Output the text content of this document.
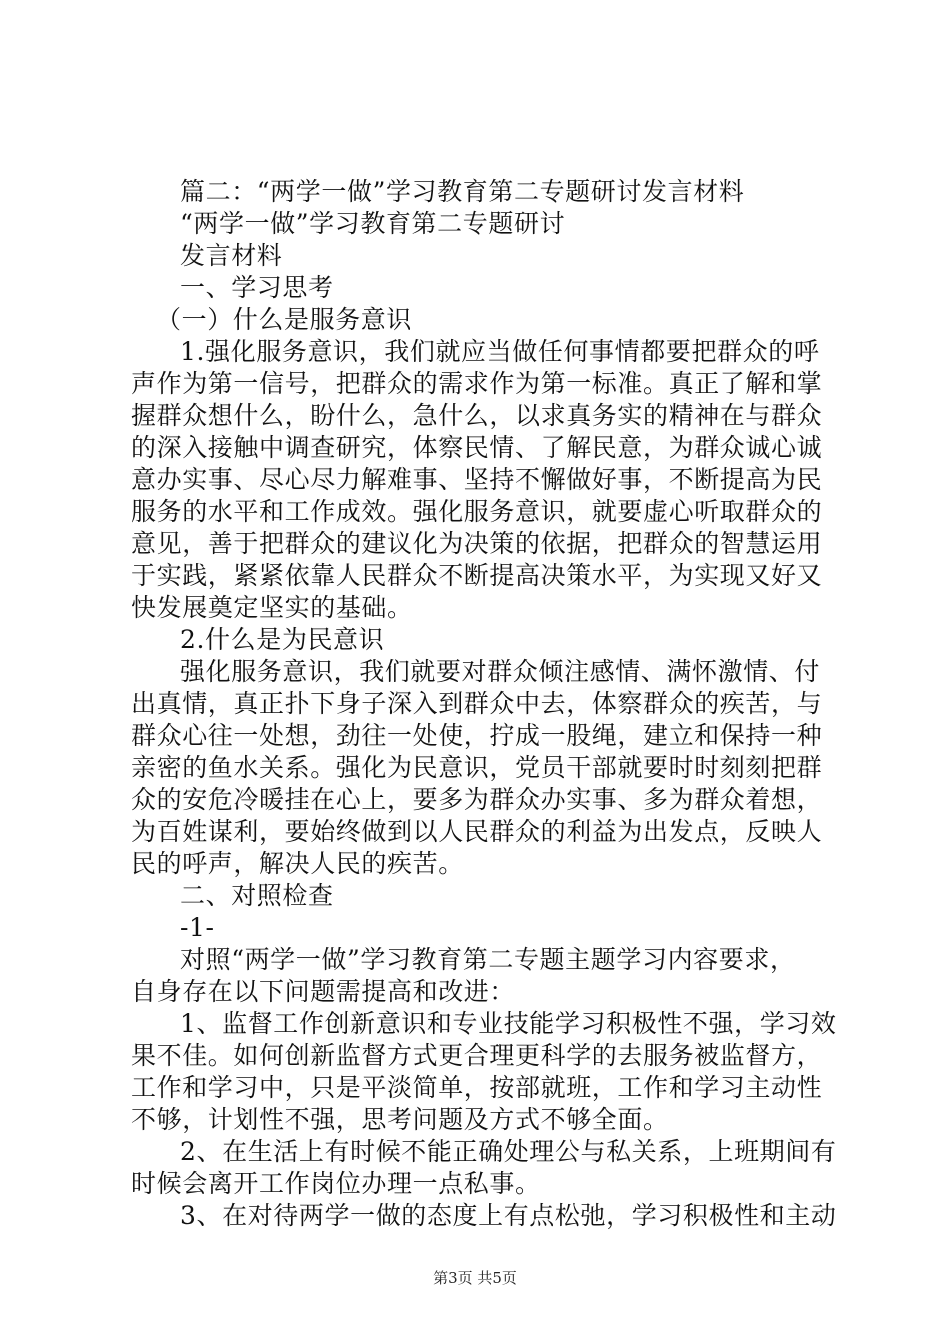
篇二：“两学一做”学习教育第二专题研讨发言材料
“两学一做”学习教育第二专题研讨
发言材料
一、学习思考
（一）什么是服务意识
1.强化服务意识，我们就应当做任何事情都要把群众的呼
声作为第一信号，把群众的需求作为第一标准。真正了解和掌
握群众想什么，盼什么，急什么，以求真务实的精神在与群众
的深入接触中调查研究，体察民情、了解民意，为群众诚心诚
意办实事、尽心尽力解难事、坚持不懈做好事，不断提高为民
服务的水平和工作成效。强化服务意识，就要虚心听取群众的
意见，善于把群众的建议化为决策的依据，把群众的智慧运用
于实践，紧紧依靠人民群众不断提高决策水平，为实现又好又
快发展奠定坚实的基础。
2.什么是为民意识
强化服务意识，我们就要对群众倾注感情、满怀激情、付
出真情，真正扑下身子深入到群众中去，体察群众的疾苦，与
群众心往一处想，劲往一处使，拧成一股绳，建立和保持一种
亲密的鱼水关系。强化为民意识，党员干部就要时时刻刻把群
众的安危冷暖挂在心上，要多为群众办实事、多为群众着想，
为百姓谋利，要始终做到以人民群众的利益为出发点，反映人
民的呼声，解决人民的疾苦。
二、对照检查
-1-
对照“两学一做”学习教育第二专题主题学习内容要求，
自身存在以下问题需提高和改进：
1、监督工作创新意识和专业技能学习积极性不强，学习效
果不佳。如何创新监督方式更合理更科学的去服务被监督方，
工作和学习中，只是平淡简单，按部就班，工作和学习主动性
不够，计划性不强，思考问题及方式不够全面。
2、在生活上有时候不能正确处理公与私关系，上班期间有
时候会离开工作岗位办理一点私事。
3、在对待两学一做的态度上有点松弛，学习积极性和主动
第3页 共5页
